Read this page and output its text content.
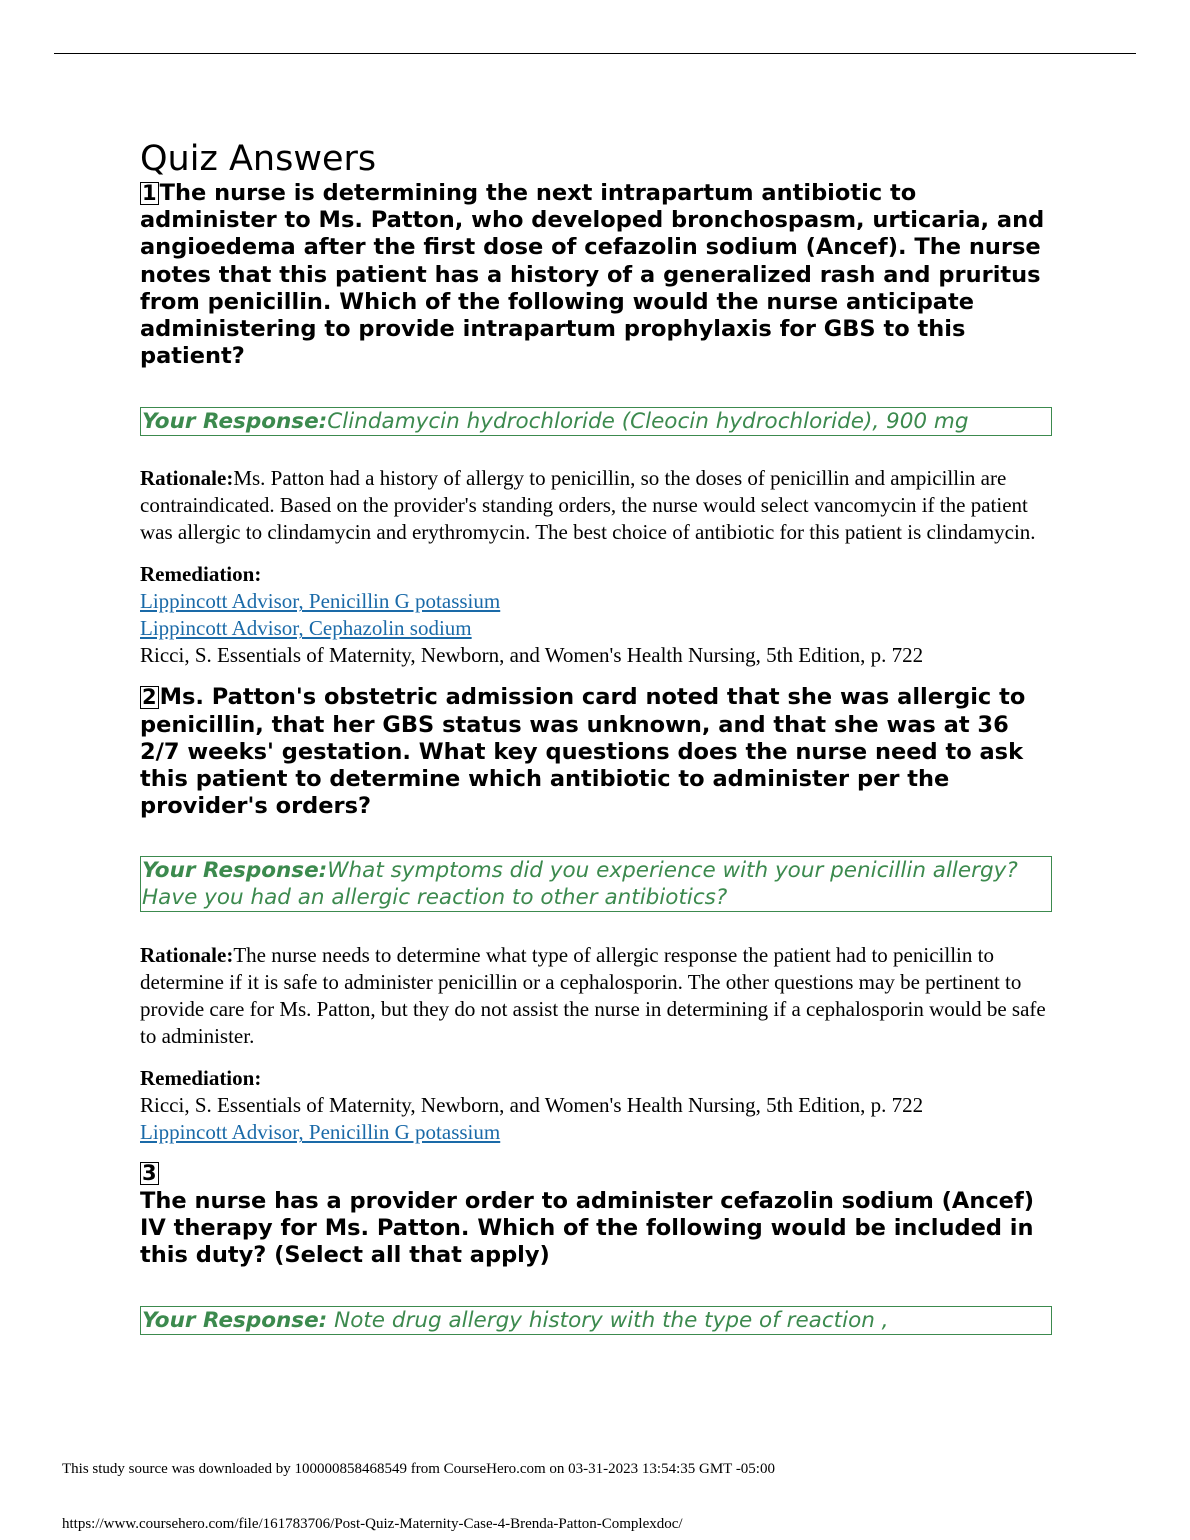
Quiz Answers

1 The nurse is determining the next intrapartum antibiotic to administer to Ms. Patton, who developed bronchospasm, urticaria, and angioedema after the first dose of cefazolin sodium (Ancef). The nurse notes that this patient has a history of a generalized rash and pruritus from penicillin. Which of the following would the nurse anticipate administering to provide intrapartum prophylaxis for GBS to this patient?

Your Response:Clindamycin hydrochloride (Cleocin hydrochloride), 900 mg

Rationale:Ms. Patton had a history of allergy to penicillin, so the doses of penicillin and ampicillin are contraindicated. Based on the provider's standing orders, the nurse would select vancomycin if the patient was allergic to clindamycin and erythromycin. The best choice of antibiotic for this patient is clindamycin.

Remediation:
Lippincott Advisor, Penicillin G potassium
Lippincott Advisor, Cephazolin sodium
Ricci, S. Essentials of Maternity, Newborn, and Women's Health Nursing, 5th Edition, p. 722

2 Ms. Patton's obstetric admission card noted that she was allergic to penicillin, that her GBS status was unknown, and that she was at 36 2/7 weeks' gestation. What key questions does the nurse need to ask this patient to determine which antibiotic to administer per the provider's orders?

Your Response:What symptoms did you experience with your penicillin allergy? Have you had an allergic reaction to other antibiotics?

Rationale:The nurse needs to determine what type of allergic response the patient had to penicillin to determine if it is safe to administer penicillin or a cephalosporin. The other questions may be pertinent to provide care for Ms. Patton, but they do not assist the nurse in determining if a cephalosporin would be safe to administer.

Remediation:
Ricci, S. Essentials of Maternity, Newborn, and Women's Health Nursing, 5th Edition, p. 722
Lippincott Advisor, Penicillin G potassium
3

The nurse has a provider order to administer cefazolin sodium (Ancef) IV therapy for Ms. Patton. Which of the following would be included in this duty? (Select all that apply)

Your Response: Note drug allergy history with the type of reaction ,
This study source was downloaded by 100000858468549 from CourseHero.com on 03-31-2023 13:54:35 GMT -05:00
https://www.coursehero.com/file/161783706/Post-Quiz-Maternity-Case-4-Brenda-Patton-Complexdoc/
